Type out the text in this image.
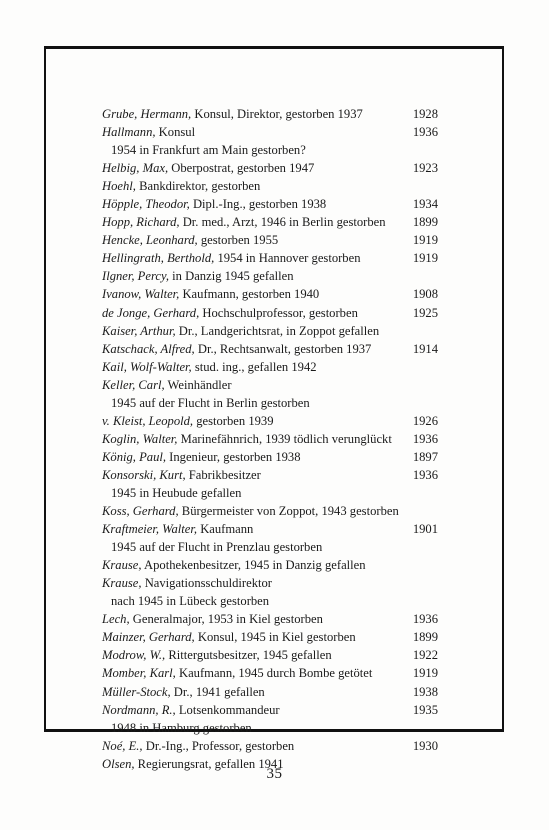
Grube, Hermann, Konsul, Direktor, gestorben 1937	1928
Hallmann, Konsul	1936
1954 in Frankfurt am Main gestorben?
Helbig, Max, Oberpostrat, gestorben 1947	1923
Hoehl, Bankdirektor, gestorben
Höpple, Theodor, Dipl.-Ing., gestorben 1938	1934
Hopp, Richard, Dr. med., Arzt, 1946 in Berlin gestorben	1899
Hencke, Leonhard, gestorben 1955	1919
Hellingrath, Berthold, 1954 in Hannover gestorben	1919
Ilgner, Percy, in Danzig 1945 gefallen
Ivanow, Walter, Kaufmann, gestorben 1940	1908
de Jonge, Gerhard, Hochschulprofessor, gestorben	1925
Kaiser, Arthur, Dr., Landgerichtsrat, in Zoppot gefallen
Katschack, Alfred, Dr., Rechtsanwalt, gestorben 1937	1914
Kail, Wolf-Walter, stud. ing., gefallen 1942
Keller, Carl, Weinhändler
1945 auf der Flucht in Berlin gestorben
v. Kleist, Leopold, gestorben 1939	1926
Koglin, Walter, Marinefähnrich, 1939 tödlich verunglückt	1936
König, Paul, Ingenieur, gestorben 1938	1897
Konsorski, Kurt, Fabrikbesitzer	1936
1945 in Heubude gefallen
Koss, Gerhard, Bürgermeister von Zoppot, 1943 gestorben
Kraftmeier, Walter, Kaufmann	1901
1945 auf der Flucht in Prenzlau gestorben
Krause, Apothekenbesitzer, 1945 in Danzig gefallen
Krause, Navigationsschuldirektor
nach 1945 in Lübeck gestorben
Lech, Generalmajor, 1953 in Kiel gestorben	1936
Mainzer, Gerhard, Konsul, 1945 in Kiel gestorben	1899
Modrow, W., Rittergutsbesitzer, 1945 gefallen	1922
Momber, Karl, Kaufmann, 1945 durch Bombe getötet	1919
Müller-Stock, Dr., 1941 gefallen	1938
Nordmann, R., Lotsenkommandeur	1935
1948 in Hamburg gestorben
Noé, E., Dr.-Ing., Professor, gestorben	1930
Olsen, Regierungsrat, gefallen 1941
35
